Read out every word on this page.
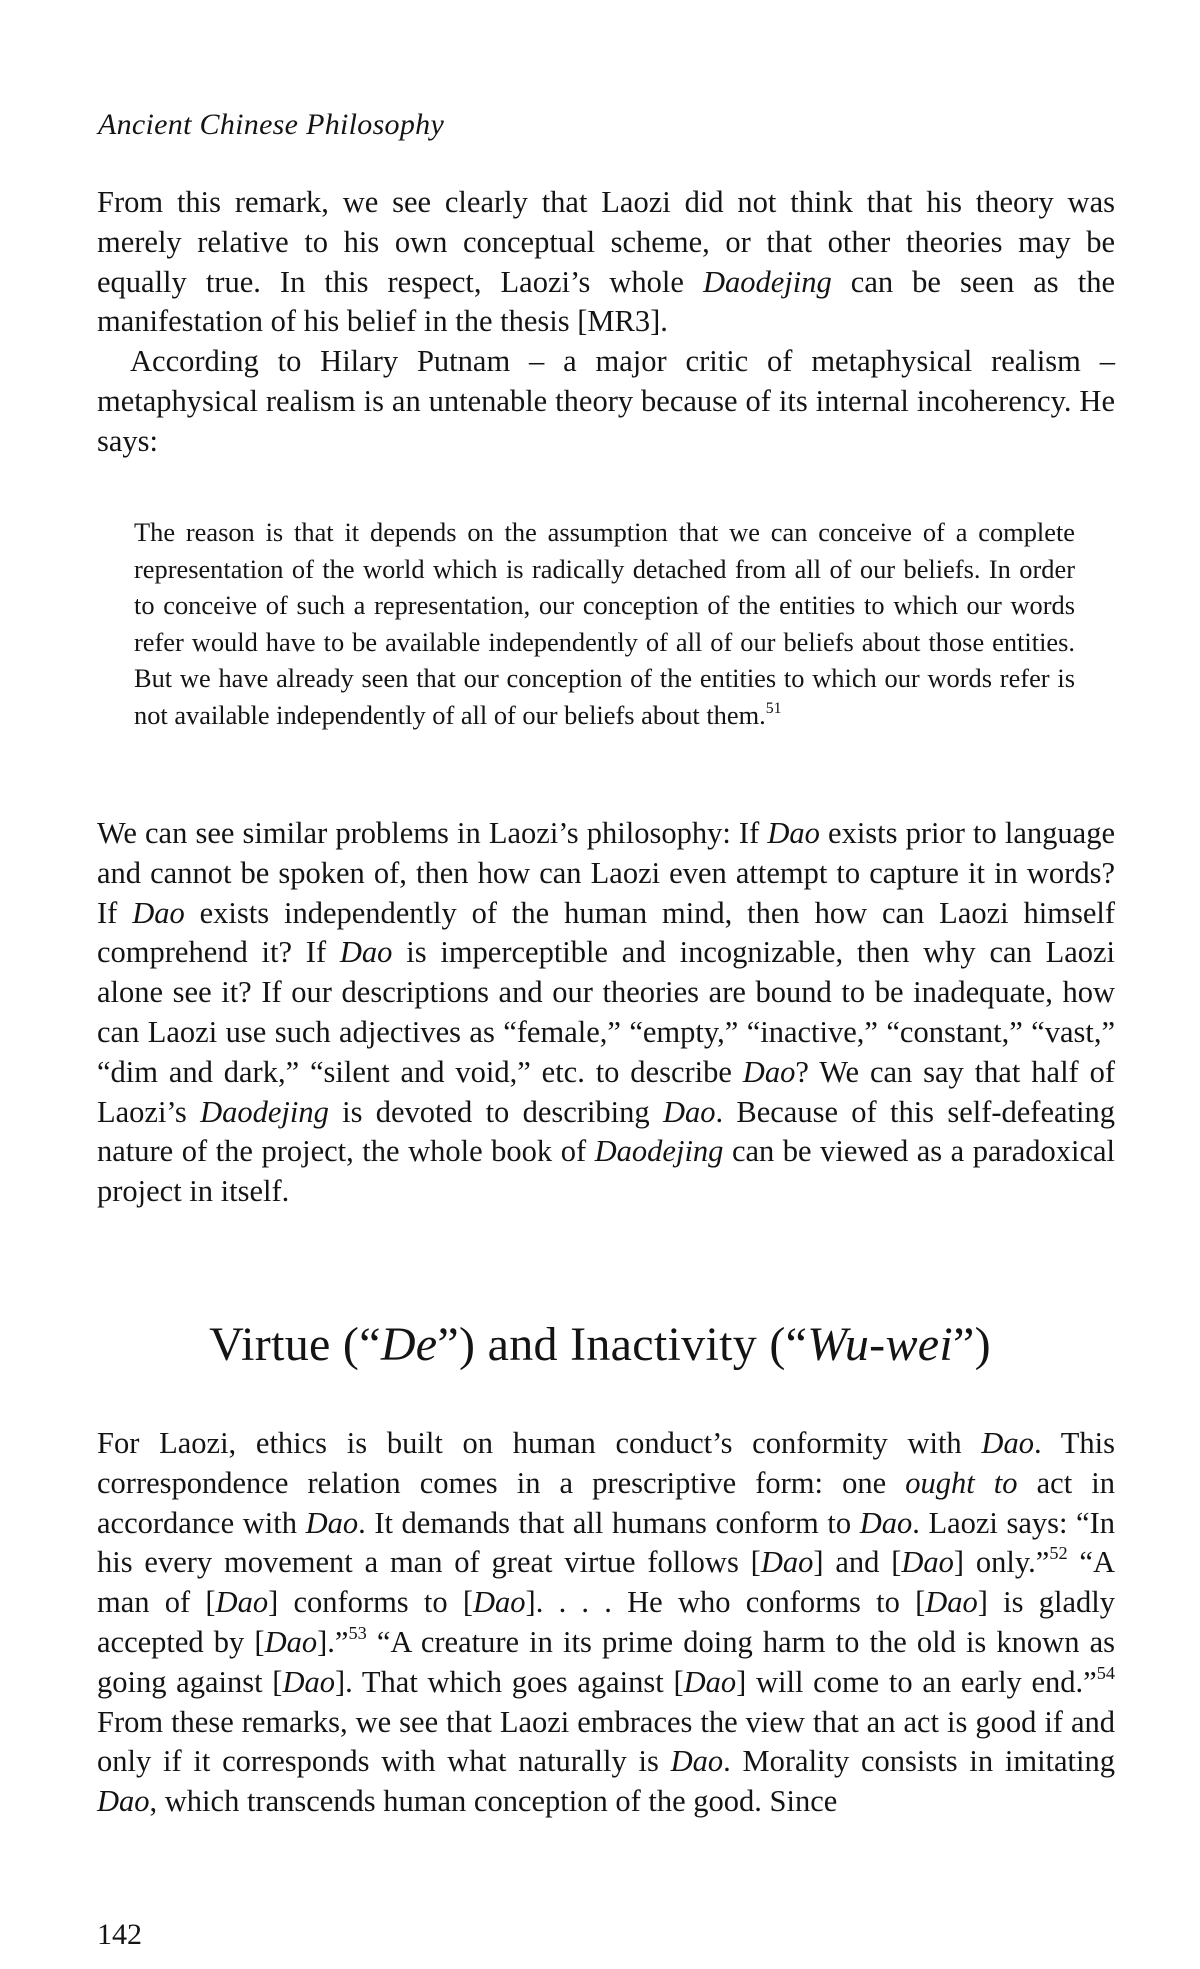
Ancient Chinese Philosophy

From this remark, we see clearly that Laozi did not think that his theory was merely relative to his own conceptual scheme, or that other theories may be equally true. In this respect, Laozi’s whole Daodejing can be seen as the manifestation of his belief in the thesis [MR3].

According to Hilary Putnam – a major critic of metaphysical realism – metaphysical realism is an untenable theory because of its internal incoherency. He says:

The reason is that it depends on the assumption that we can conceive of a complete representation of the world which is radically detached from all of our beliefs. In order to conceive of such a representation, our conception of the entities to which our words refer would have to be available independently of all of our beliefs about those entities. But we have already seen that our conception of the entities to which our words refer is not available independently of all of our beliefs about them.$^{51}$

We can see similar problems in Laozi’s philosophy: If Dao exists prior to language and cannot be spoken of, then how can Laozi even attempt to capture it in words? If Dao exists independently of the human mind, then how can Laozi himself comprehend it? If Dao is imperceptible and incognizable, then why can Laozi alone see it? If our descriptions and our theories are bound to be inadequate, how can Laozi use such adjectives as “female,” “empty,” “inactive,” “constant,” “vast,” “dim and dark,” “silent and void,” etc. to describe Dao? We can say that half of Laozi’s Daodejing is devoted to describing Dao. Because of this self-defeating nature of the project, the whole book of Daodejing can be viewed as a paradoxical project in itself.

Virtue (“De”) and Inactivity (“Wu-wei”)

For Laozi, ethics is built on human conduct’s conformity with Dao. This correspondence relation comes in a prescriptive form: one ought to act in accordance with Dao. It demands that all humans conform to Dao. Laozi says: “In his every movement a man of great virtue follows [Dao] and [Dao] only.”$^{52}$ “A man of [Dao] conforms to [Dao]. . . . He who conforms to [Dao] is gladly accepted by [Dao].”$^{53}$ “A creature in its prime doing harm to the old is known as going against [Dao]. That which goes against [Dao] will come to an early end.”$^{54}$ From these remarks, we see that Laozi embraces the view that an act is good if and only if it corresponds with what naturally is Dao. Morality consists in imitating Dao, which transcends human conception of the good. Since

142
